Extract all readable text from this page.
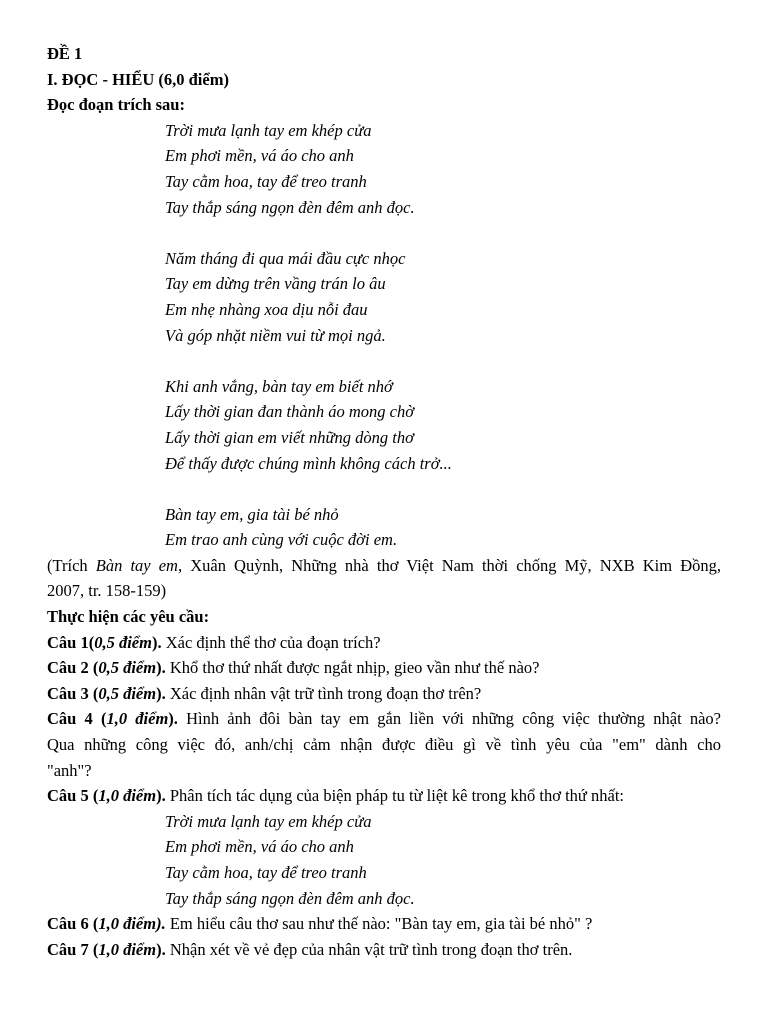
ĐỀ 1
I. ĐỌC - HIỂU (6,0 điểm)
Đọc đoạn trích sau:
Trời mưa lạnh tay em khép cửa
Em phơi mền, vá áo cho anh
Tay cằm hoa, tay để treo tranh
Tay thắp sáng ngọn đèn đêm anh đọc.
Năm tháng đi qua mái đầu cực nhọc
Tay em dừng trên vầng trán lo âu
Em nhẹ nhàng xoa dịu nỗi đau
Và góp nhặt niềm vui từ mọi ngả.
Khi anh vắng, bàn tay em biết nhớ
Lấy thời gian đan thành áo mong chờ
Lấy thời gian em viết những dòng thơ
Để thấy được chúng mình không cách trở...
Bàn tay em, gia tài bé nhỏ
Em trao anh cùng với cuộc đời em.
(Trích Bàn tay em, Xuân Quỳnh, Những nhà thơ Việt Nam thời chống Mỹ, NXB Kim Đồng,
2007, tr. 158-159)
Thực hiện các yêu cầu:
Câu 1(0,5 điểm). Xác định thể thơ của đoạn trích?
Câu 2 (0,5 điểm). Khổ thơ thứ nhất được ngắt nhịp, gieo vần như thế nào?
Câu 3 (0,5 điểm). Xác định nhân vật trữ tình trong đoạn thơ trên?
Câu 4 (1,0 điểm). Hình ảnh đôi bàn tay em gắn liền với những công việc thường nhật nào?
Qua những công việc đó, anh/chị cảm nhận được điều gì về tình yêu của "em" dành cho
"anh"?
Câu 5 (1,0 điểm). Phân tích tác dụng của biện pháp tu từ liệt kê trong khổ thơ thứ nhất:
Trời mưa lạnh tay em khép cửa
Em phơi mền, vá áo cho anh
Tay cằm hoa, tay để treo tranh
Tay thắp sáng ngọn đèn đêm anh đọc.
Câu 6 (1,0 điểm). Em hiểu câu thơ sau như thế nào: "Bàn tay em, gia tài bé nhỏ" ?
Câu 7 (1,0 điểm). Nhận xét về vẻ đẹp của nhân vật trữ tình trong đoạn thơ trên.
